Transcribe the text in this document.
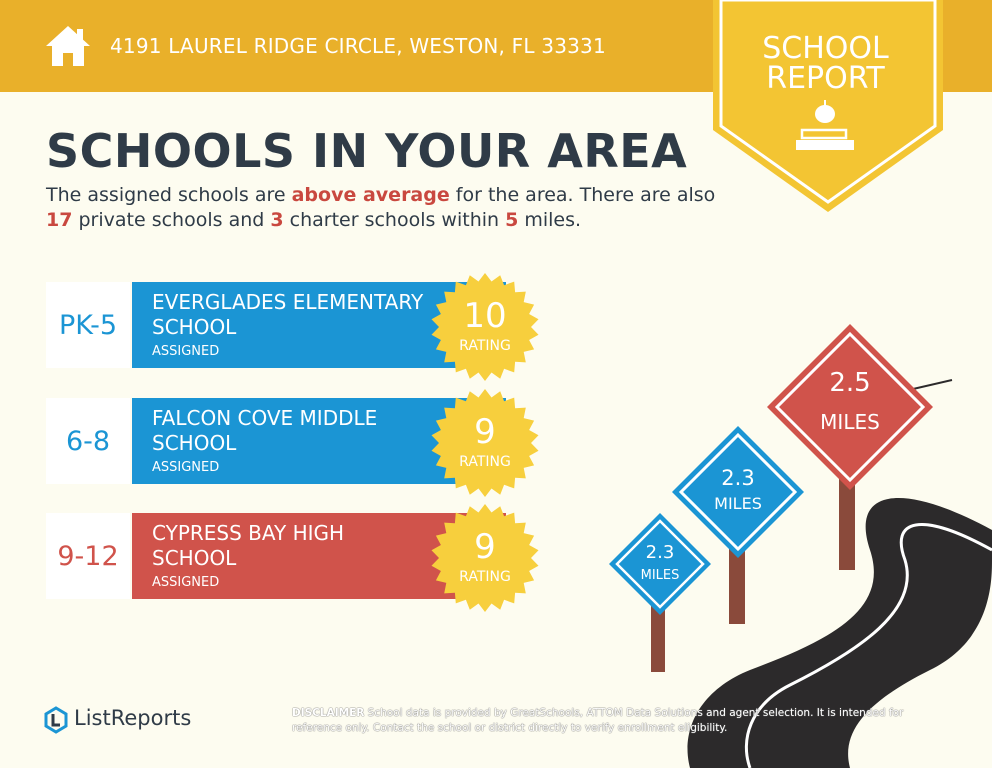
4191 LAUREL RIDGE CIRCLE, WESTON, FL 33331	SCHOOL
REPORT
SCHOOLS IN YOUR AREA
The assigned schools are above average for the area. There are also 17 private schools and 3 charter schools within 5 miles.
PK-5
EVERGLADES ELEMENTARY SCHOOL
ASSIGNED
10
RATING
6-8
FALCON COVE MIDDLE SCHOOL
ASSIGNED
9
RATING
9-12
CYPRESS BAY HIGH SCHOOL
ASSIGNED
9
RATING
2.5
MILES
2.3
MILES
2.3
MILES
ListReports	DISCLAIMER School data is provided by GreatSchools, ATTOM Data Solutions and agent selection. It is intended for reference only. Contact the school or district directly to verify enrollment eligibility.
